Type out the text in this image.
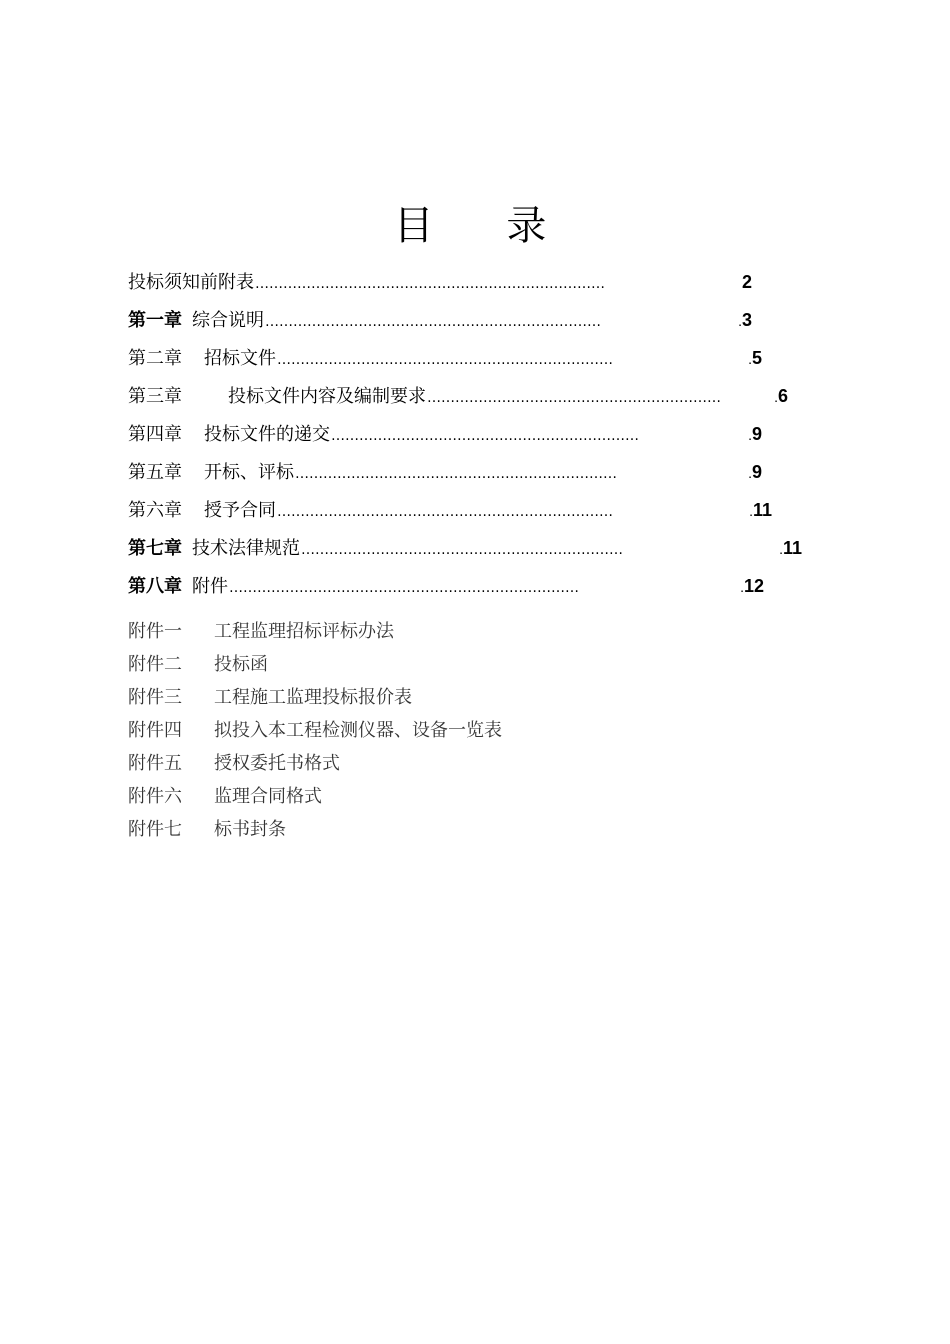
目 录
投标须知前附表 …………………………………………………………………	2
第一章 综合说明 ………………………………………………………………	.3
第二章 招标文件 ………………………………………………………………	.5
第三章	投标文件内容及编制要求 ………………………………………………………	.6
第四章 投标文件的递交 …………………………………………………………	.9
第五章 开标、评标 ……………………………………………………………	.9
第六章 授予合同 ………………………………………………………………	.11
第七章 技术法律规范 ……………………………………………………………	.11
第八章 附件 …………………………………………………………………	.12
附件一 工程监理招标评标办法
附件二 投标函
附件三 工程施工监理投标报价表
附件四 拟投入本工程检测仪器、设备一览表
附件五 授权委托书格式
附件六 监理合同格式
附件七 标书封条
